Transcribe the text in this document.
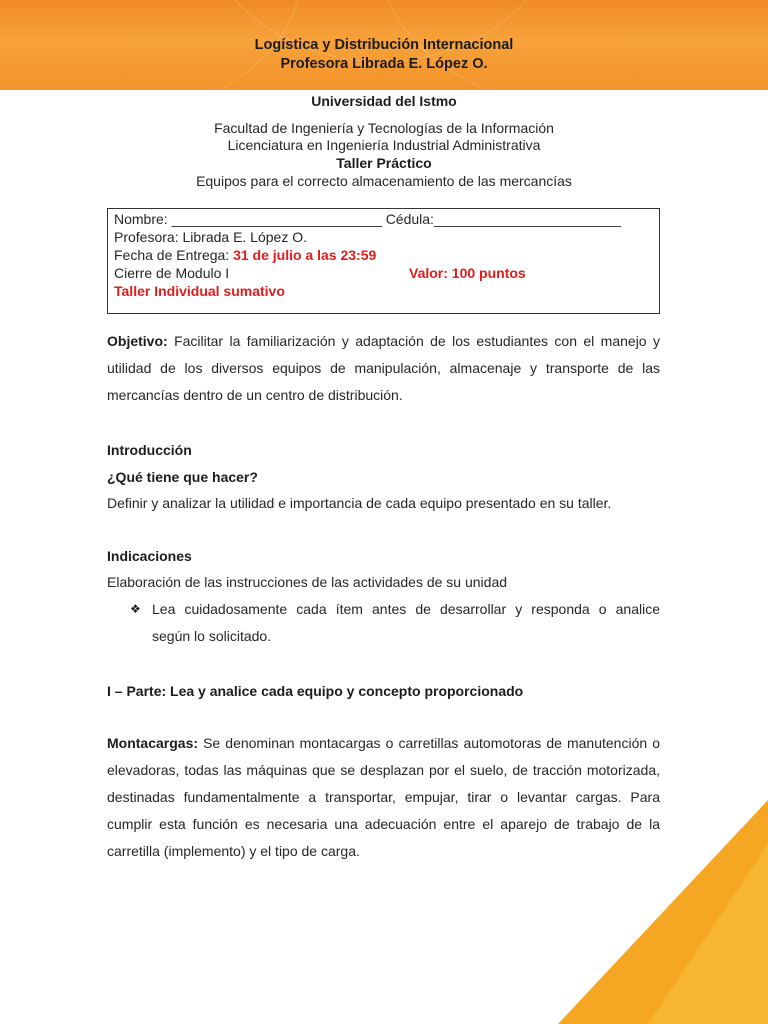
Logística y Distribución Internacional
Profesora Librada E. López O.
Universidad del Istmo
Facultad de Ingeniería y Tecnologías de la Información
Licenciatura en Ingeniería Industrial Administrativa
Taller Práctico
Equipos para el correcto almacenamiento de las mercancías
Nombre: ___________________________ Cédula:________________________
Profesora: Librada E. López O.
Fecha de Entrega: 31 de julio a las 23:59
Cierre de Modulo I	Valor: 100 puntos
Taller Individual sumativo
Objetivo: Facilitar la familiarización y adaptación de los estudiantes con el manejo y utilidad de los diversos equipos de manipulación, almacenaje y transporte de las mercancías dentro de un centro de distribución.
Introducción
¿Qué tiene que hacer?
Definir y analizar la utilidad e importancia de cada equipo presentado en su taller.
Indicaciones
Elaboración de las instrucciones de las actividades de su unidad
❖ Lea cuidadosamente cada ítem antes de desarrollar y responda o analice
según lo solicitado.
I – Parte: Lea y analice cada equipo y concepto proporcionado
Montacargas: Se denominan montacargas o carretillas automotoras de manutención o elevadoras, todas las máquinas que se desplazan por el suelo, de tracción motorizada, destinadas fundamentalmente a transportar, empujar, tirar o levantar cargas. Para cumplir esta función es necesaria una adecuación entre el aparejo de trabajo de la carretilla (implemento) y el tipo de carga.
